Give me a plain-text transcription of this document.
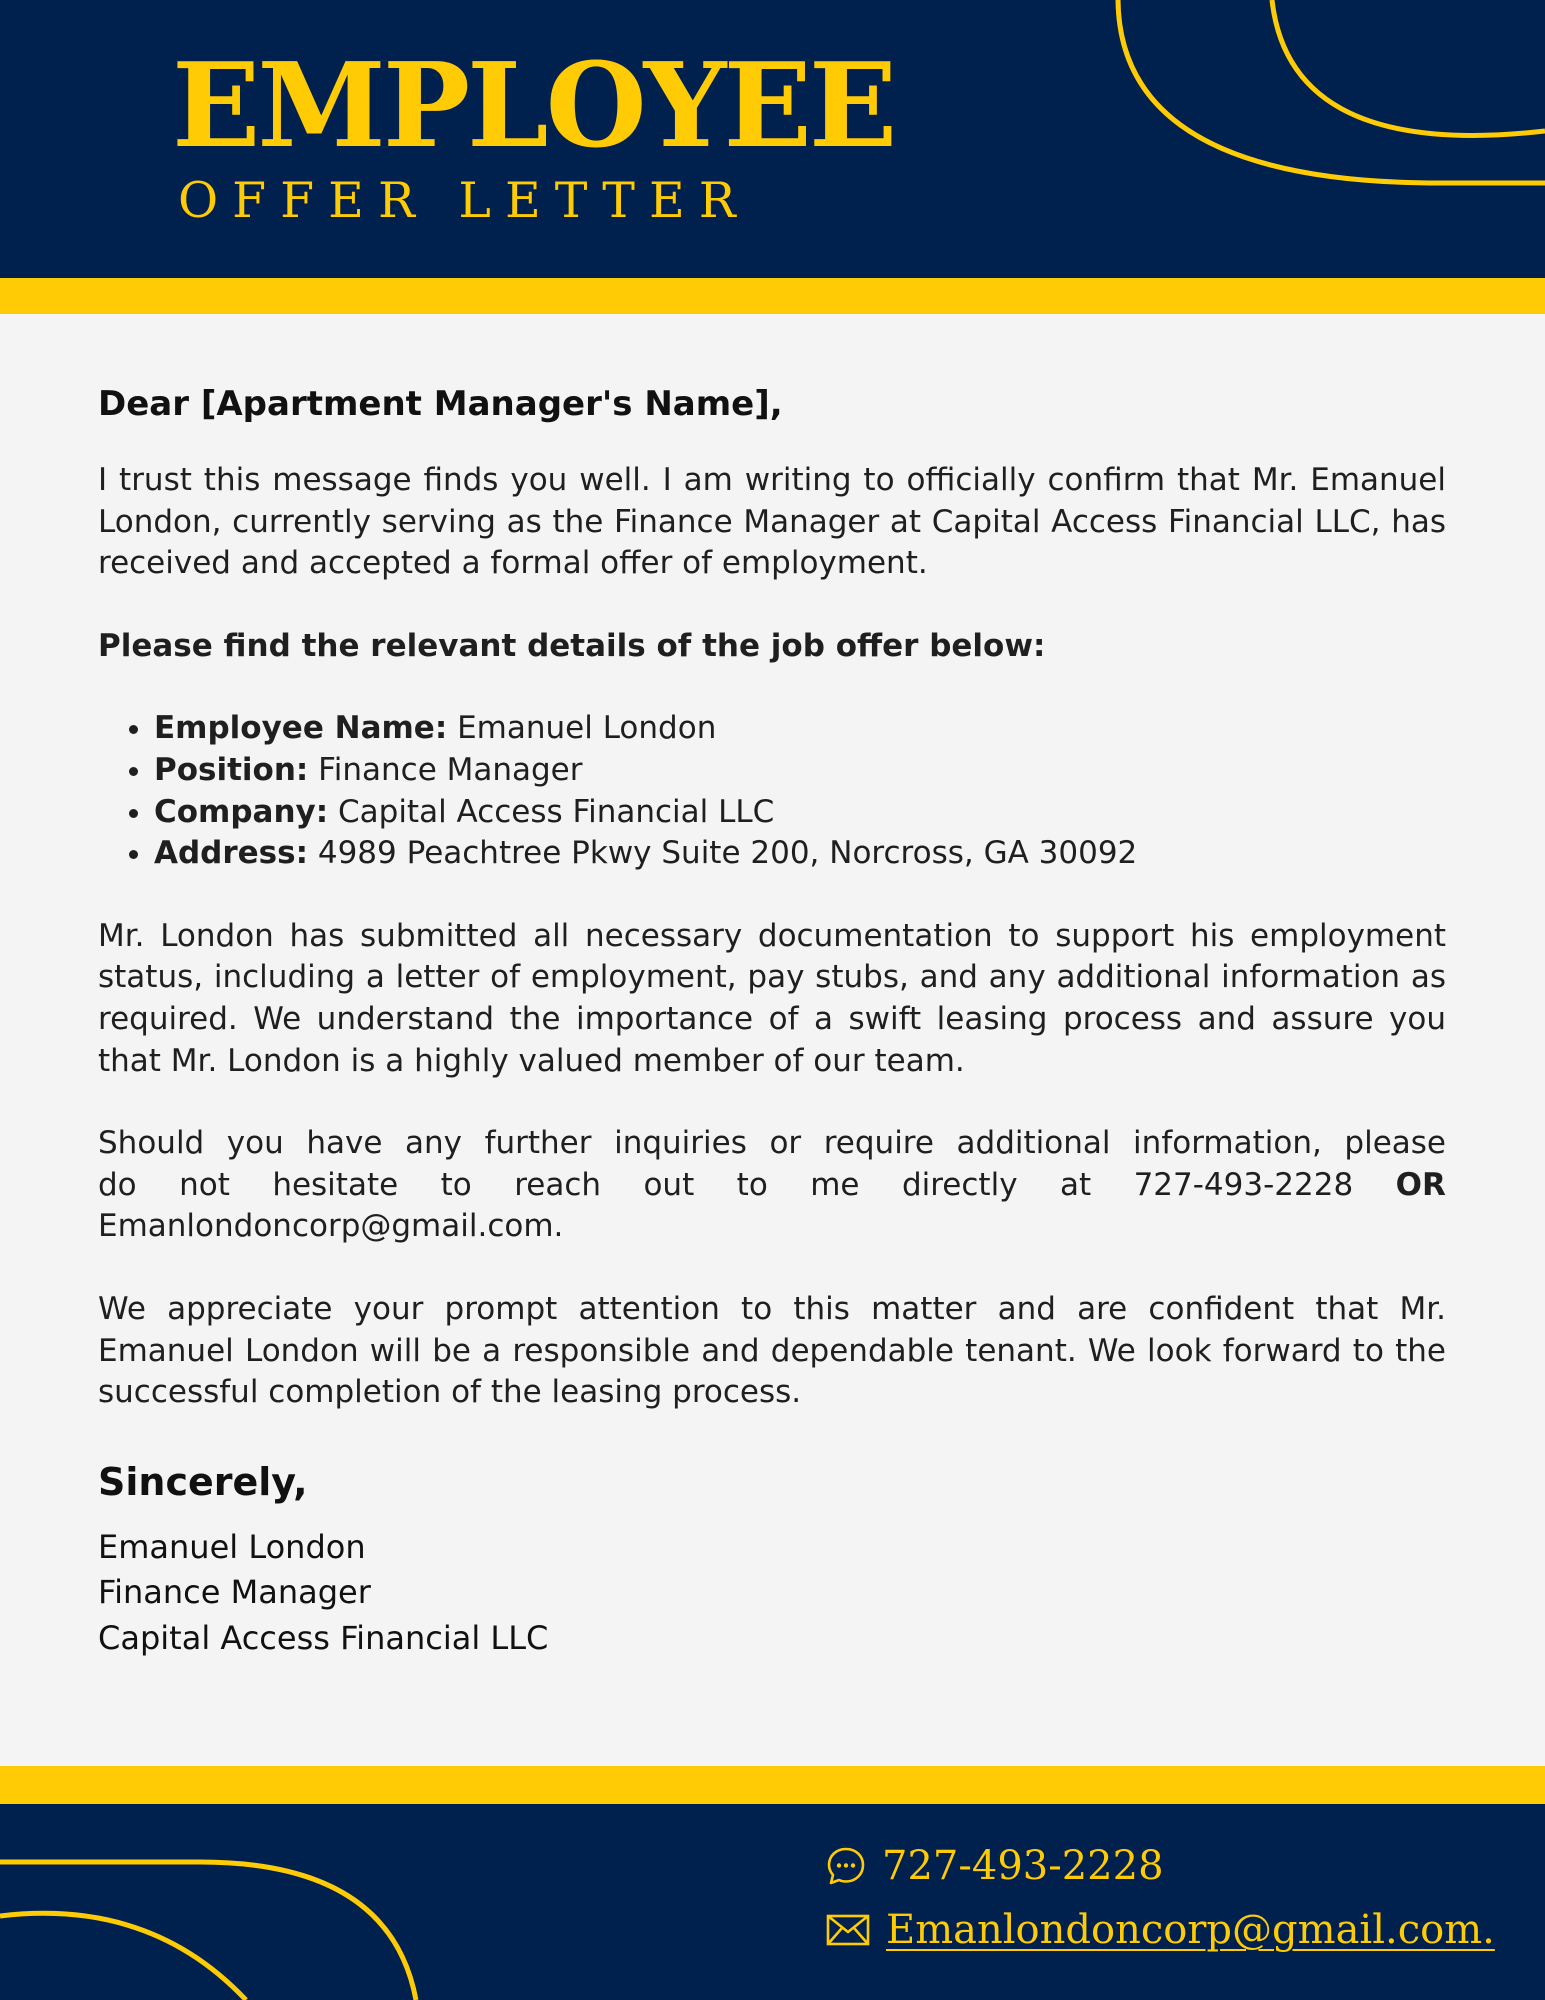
EMPLOYEE
OFFER LETTER

Dear [Apartment Manager's Name],

I trust this message finds you well. I am writing to officially confirm that Mr. Emanuel London, currently serving as the Finance Manager at Capital Access Financial LLC, has received and accepted a formal offer of employment.

Please find the relevant details of the job offer below:

• Employee Name: Emanuel London
• Position: Finance Manager
• Company: Capital Access Financial LLC
• Address: 4989 Peachtree Pkwy Suite 200, Norcross, GA 30092

Mr. London has submitted all necessary documentation to support his employment status, including a letter of employment, pay stubs, and any additional information as required. We understand the importance of a swift leasing process and assure you that Mr. London is a highly valued member of our team.

Should you have any further inquiries or require additional information, please
do not hesitate to reach out to me directly at 727-493-2228 OR
Emanlondoncorp@gmail.com.

We appreciate your prompt attention to this matter and are confident that Mr. Emanuel London will be a responsible and dependable tenant. We look forward to the successful completion of the leasing process.

Sincerely,

Emanuel London

Finance Manager

Capital Access Financial LLC

727-493-2228
Emanlondoncorp@gmail.com.
